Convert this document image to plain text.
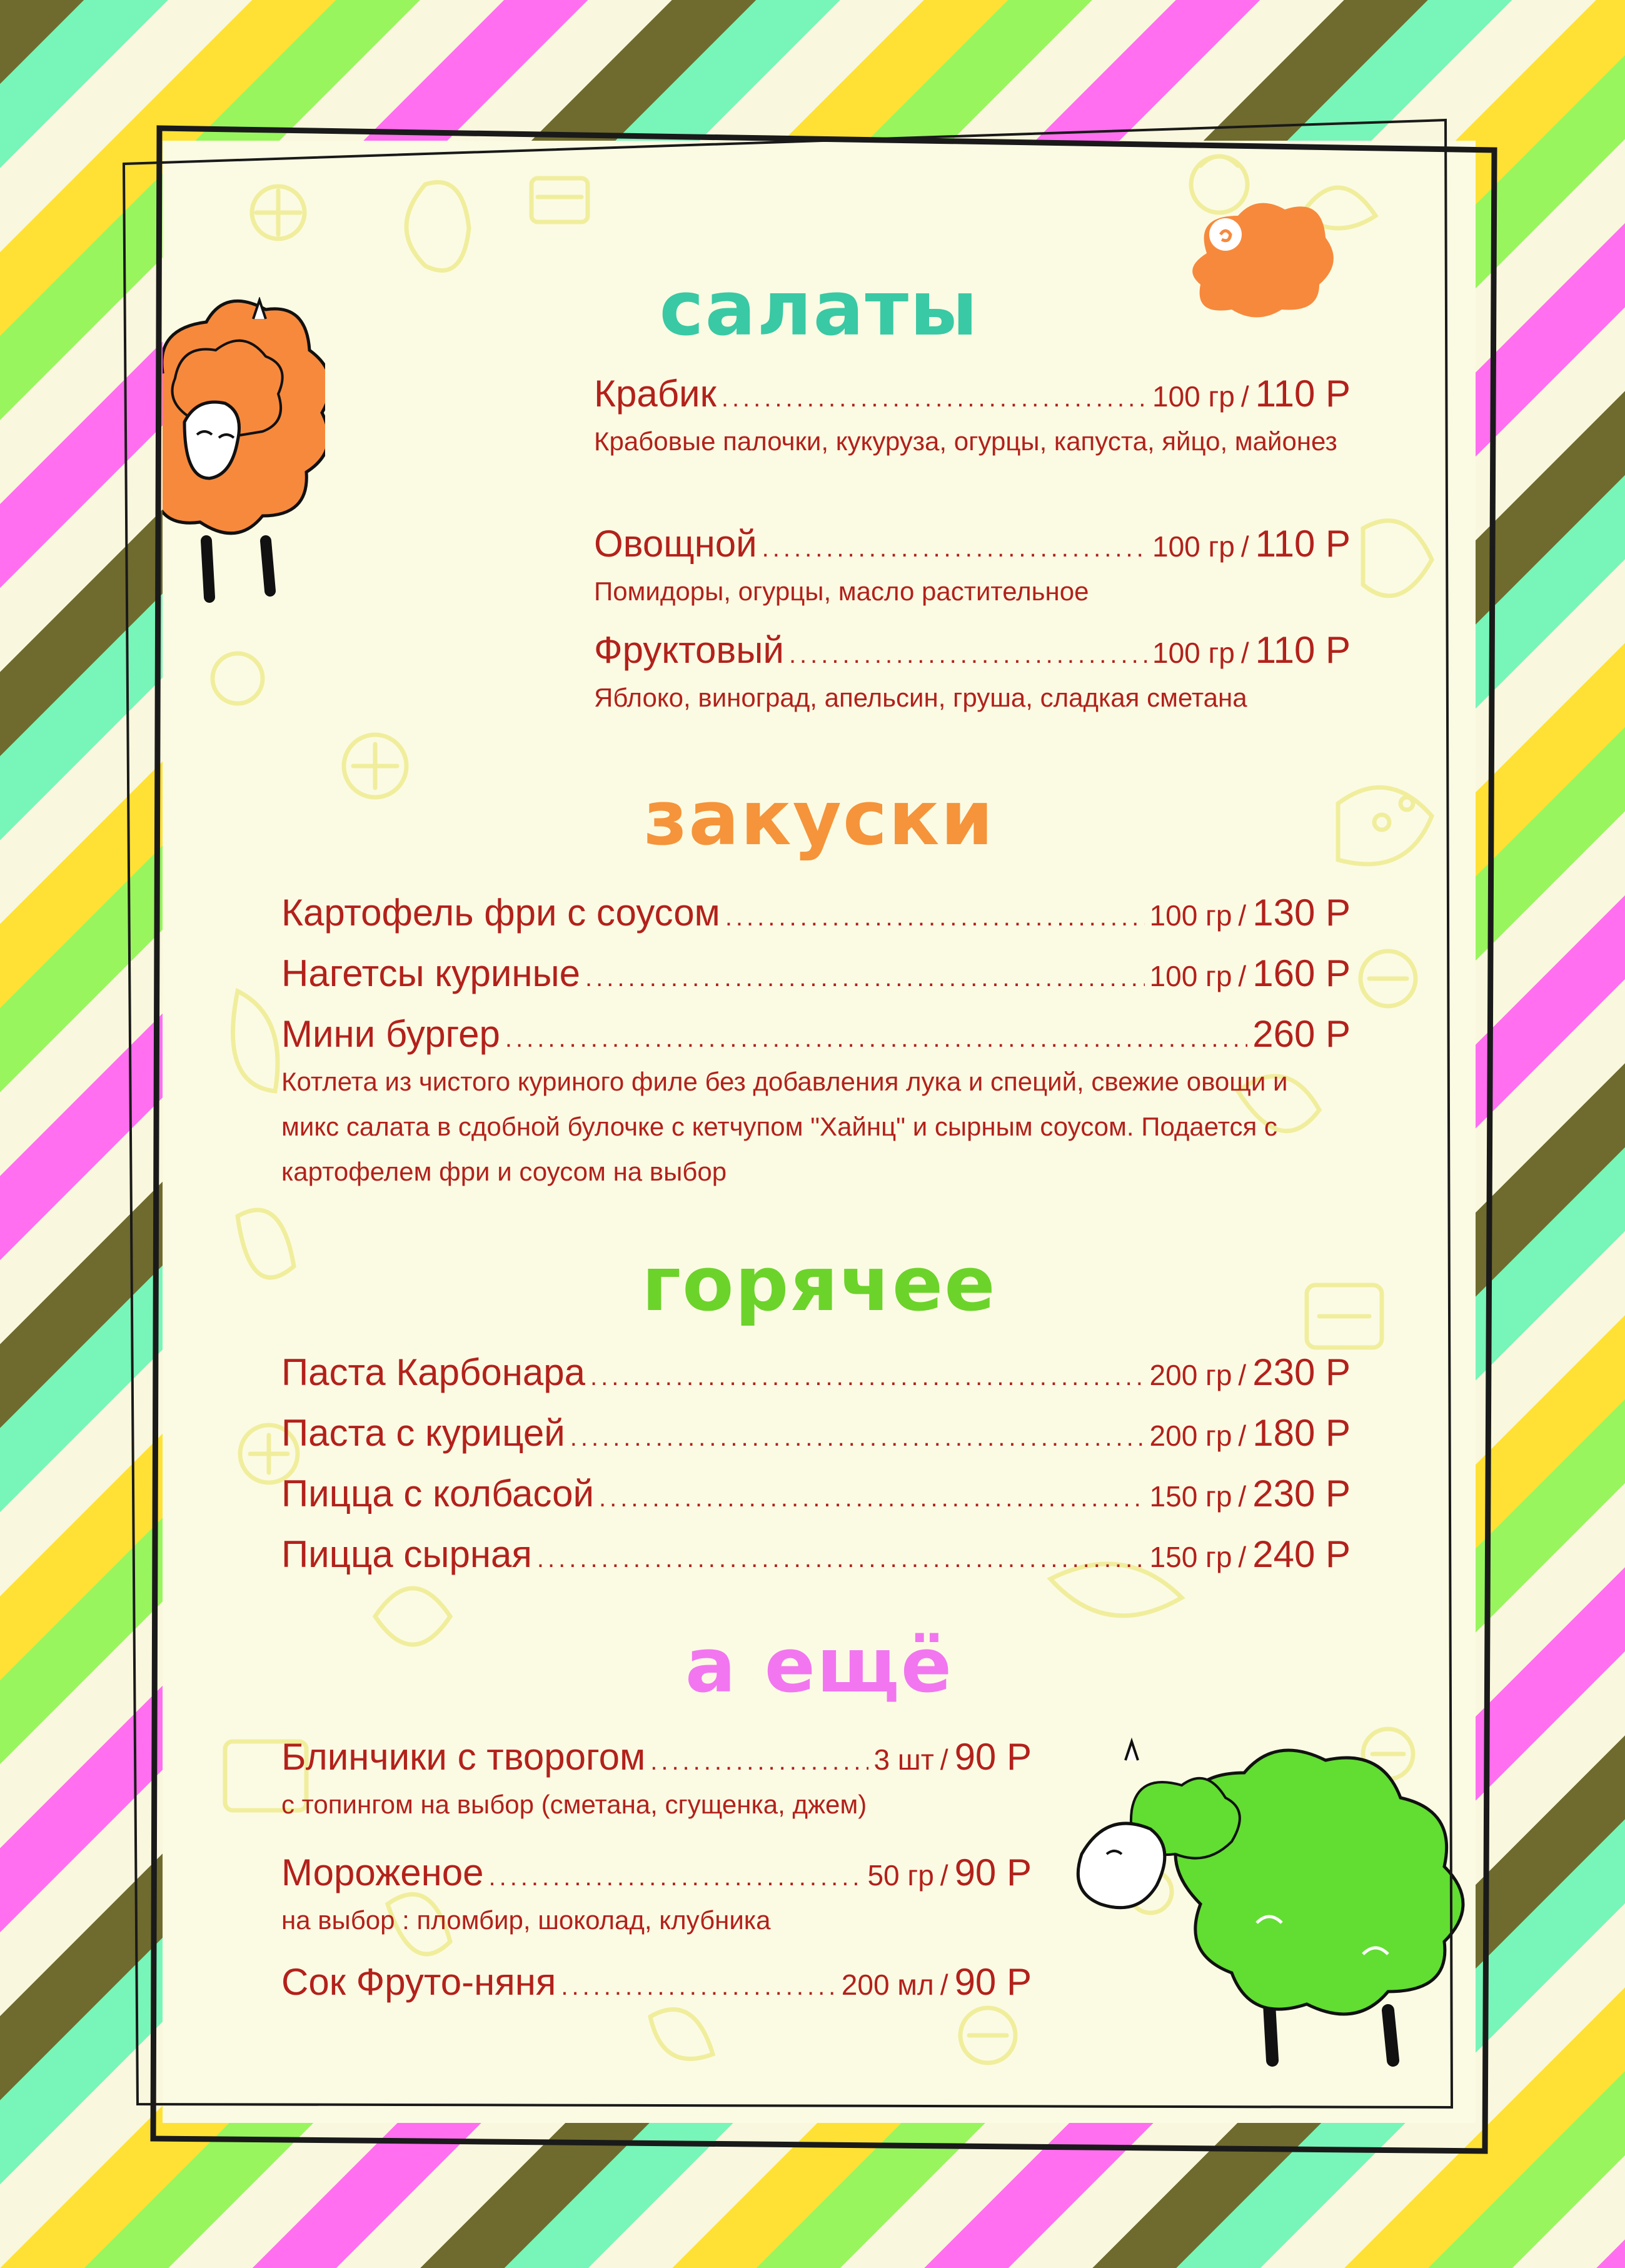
салаты
Крабик .....	100 гр / 110 Р
Крабовые палочки, кукуруза, огурцы, капуста, яйцо, майонез
Овощной .....	100 гр / 110 Р
Помидоры, огурцы, масло растительное
Фруктовый .....	100 гр / 110 Р
Яблоко, виноград, апельсин, груша, сладкая сметана
закуски
Картофель фри с соусом .....	100 гр / 130 Р
Нагетсы куриные .....	100 гр / 160 Р
Мини бургер .....	260 Р
Котлета из чистого куриного филе без добавления лука и специй, свежие овощи и микс салата в сдобной булочке с кетчупом "Хайнц" и сырным соусом. Подается с картофелем фри и соусом на выбор
горячее
Паста Карбонара .....	200 гр / 230 Р
Паста с курицей .....	200 гр / 180 Р
Пицца с колбасой .....	150 гр / 230 Р
Пицца сырная .....	150 гр / 240 Р
а ещё
Блинчики с творогом .....	3 шт / 90 Р
с топингом на выбор (сметана, сгущенка, джем)
Мороженое .....	50 гр / 90 Р
на выбор : пломбир, шоколад, клубника
Сок Фруто-няня .....	200 мл / 90 Р
